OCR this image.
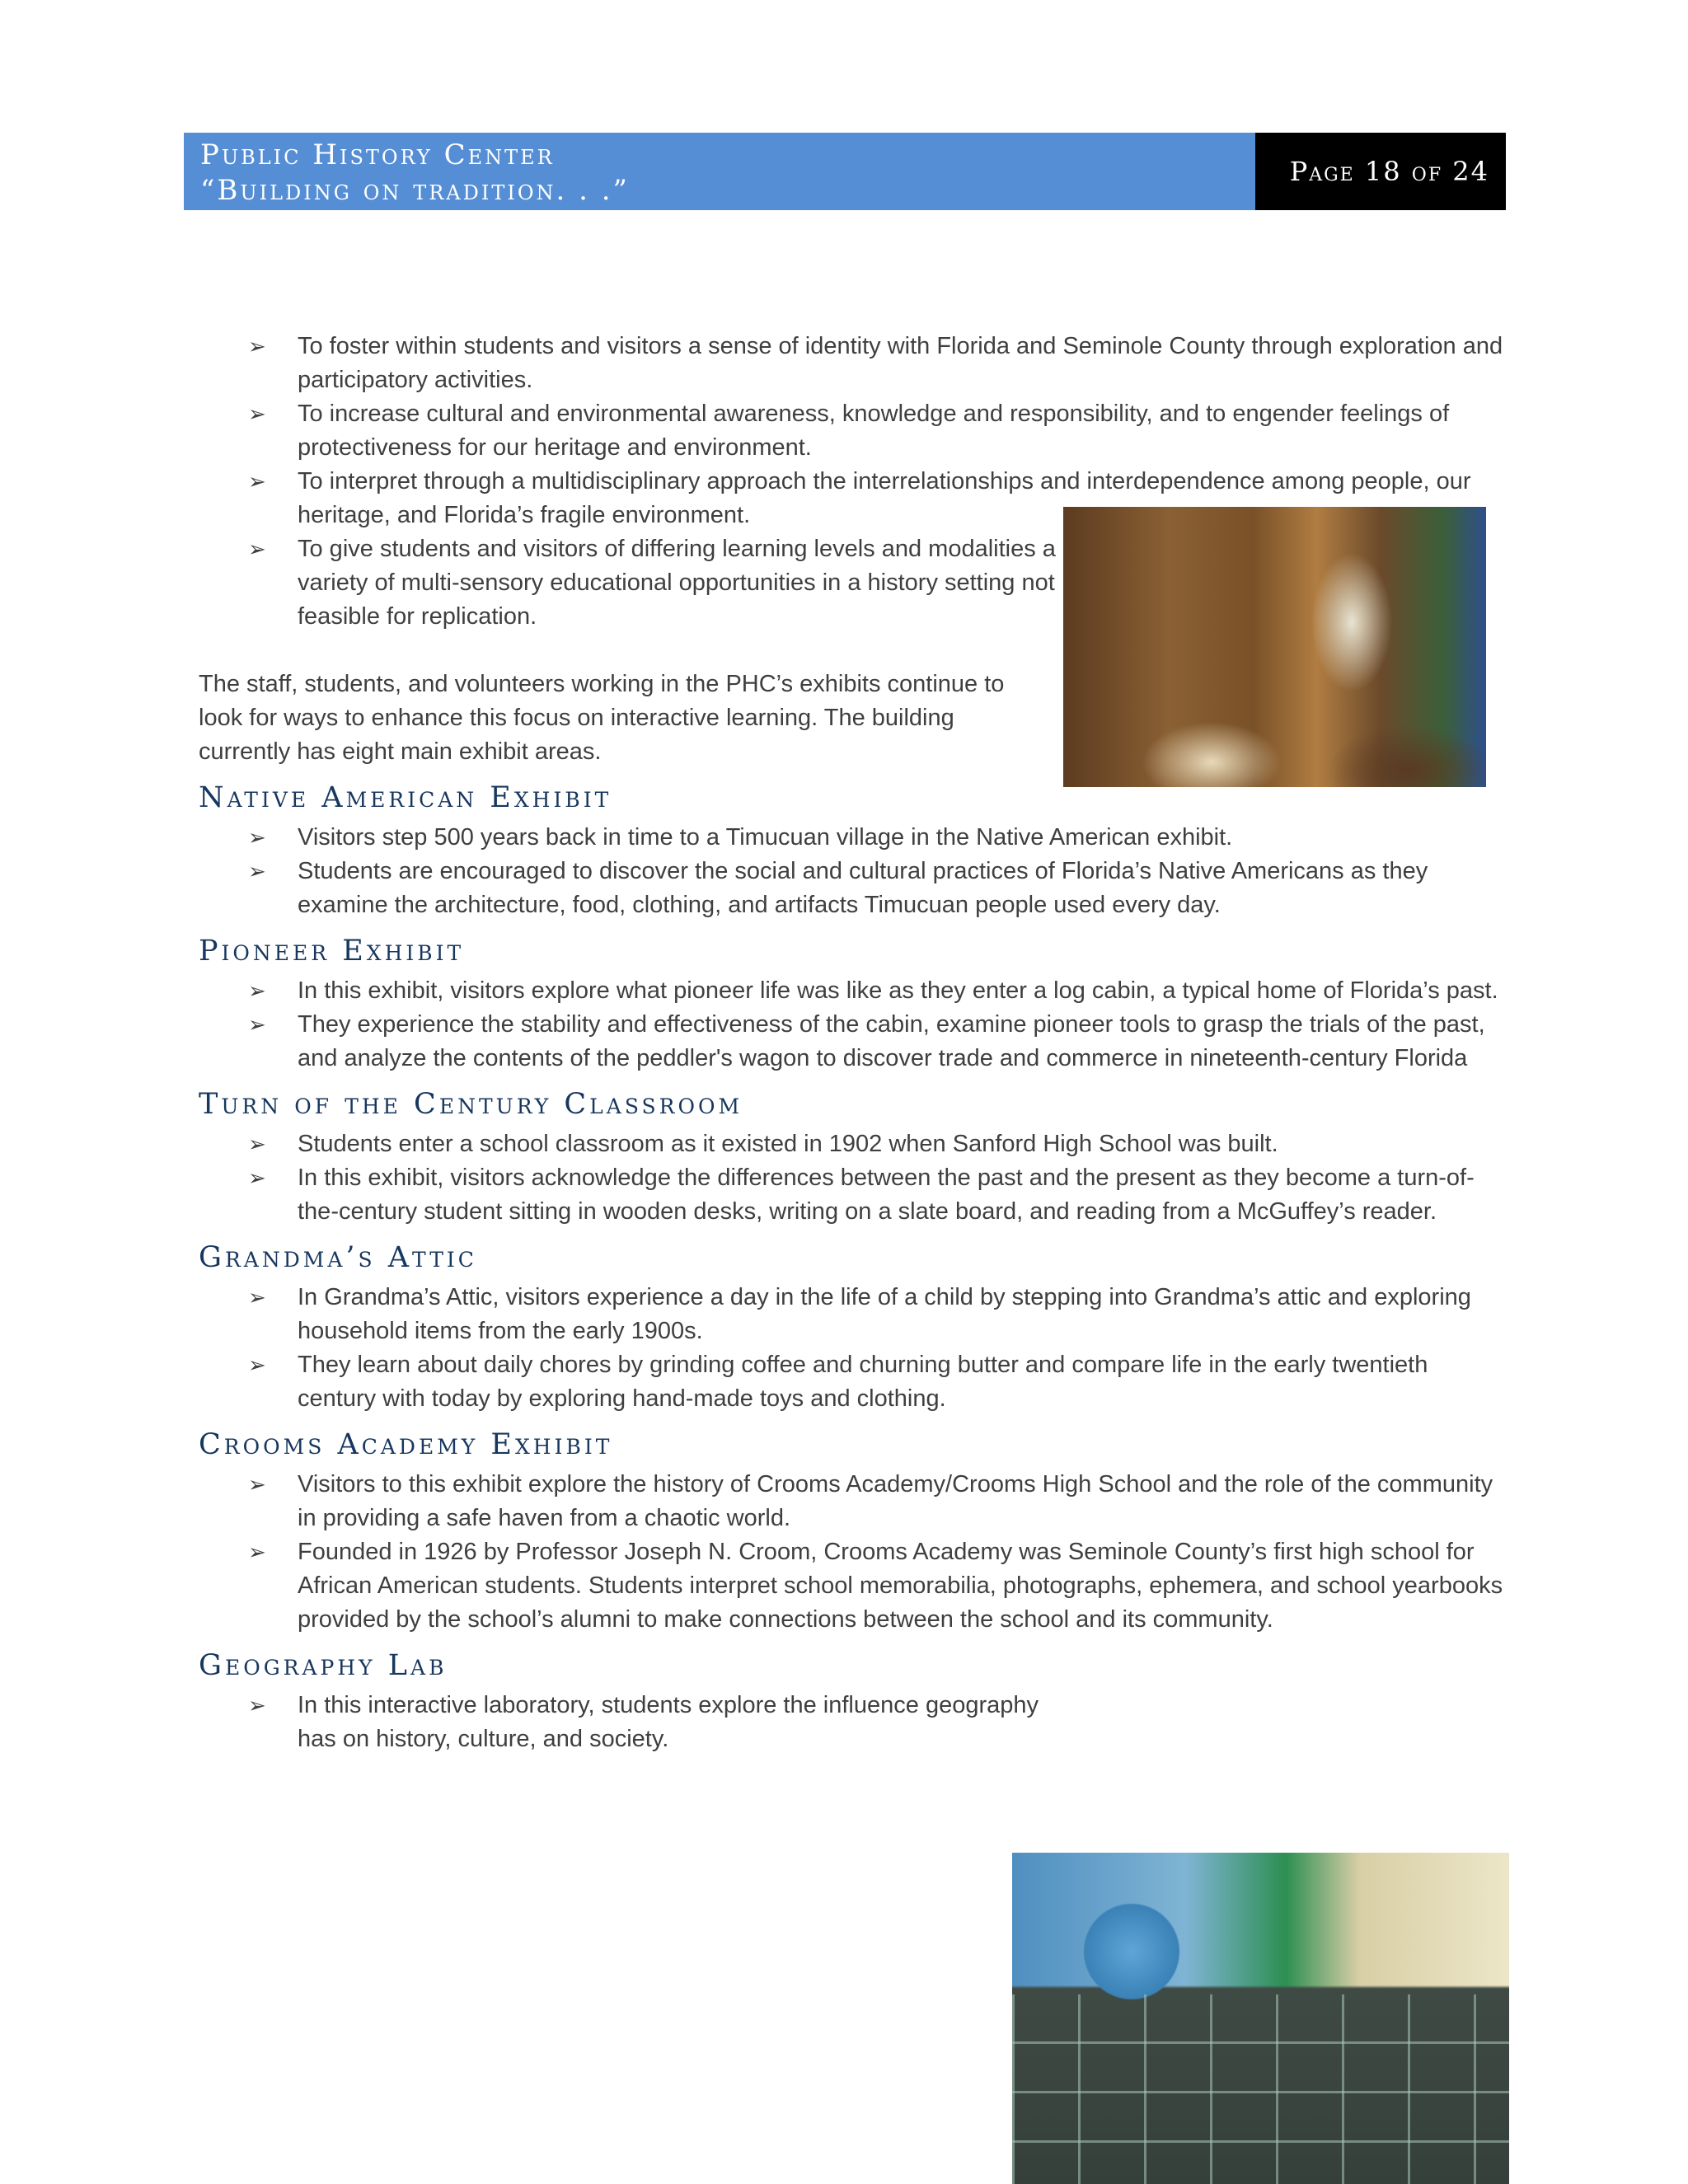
Public History Center
“Building on tradition. . .”
Page 18 of 24
➢ To foster within students and visitors a sense of identity with Florida and Seminole County through exploration and participatory activities.
➢ To increase cultural and environmental awareness, knowledge and responsibility, and to engender feelings of protectiveness for our heritage and environment.
➢ To interpret through a multidisciplinary approach the interrelationships and interdependence among people, our heritage, and Florida’s fragile environment.
➢ To give students and visitors of differing learning levels and modalities a variety of multi-sensory educational opportunities in a history setting not feasible for replication.

The staff, students, and volunteers working in the PHC’s exhibits continue to look for ways to enhance this focus on interactive learning. The building currently has eight main exhibit areas.

Native American Exhibit
➢ Visitors step 500 years back in time to a Timucuan village in the Native American exhibit.
➢ Students are encouraged to discover the social and cultural practices of Florida’s Native Americans as they examine the architecture, food, clothing, and artifacts Timucuan people used every day.
Pioneer Exhibit
➢ In this exhibit, visitors explore what pioneer life was like as they enter a log cabin, a typical home of Florida’s past.
➢ They experience the stability and effectiveness of the cabin, examine pioneer tools to grasp the trials of the past, and analyze the contents of the peddler's wagon to discover trade and commerce in nineteenth-century Florida
Turn of the Century Classroom
➢ Students enter a school classroom as it existed in 1902 when Sanford High School was built.
➢ In this exhibit, visitors acknowledge the differences between the past and the present as they become a turn-of-the-century student sitting in wooden desks, writing on a slate board, and reading from a McGuffey’s reader.
Grandma’s Attic
➢ In Grandma’s Attic, visitors experience a day in the life of a child by stepping into Grandma’s attic and exploring household items from the early 1900s.
➢ They learn about daily chores by grinding coffee and churning butter and compare life in the early twentieth century with today by exploring hand-made toys and clothing.
Crooms Academy Exhibit
➢ Visitors to this exhibit explore the history of Crooms Academy/Crooms High School and the role of the community in providing a safe haven from a chaotic world.
➢ Founded in 1926 by Professor Joseph N. Croom, Crooms Academy was Seminole County’s first high school for African American students. Students interpret school memorabilia, photographs, ephemera, and school yearbooks provided by the school’s alumni to make connections between the school and its community.
Geography Lab
➢ In this interactive laboratory, students explore the influence geography has on history, culture, and society.
